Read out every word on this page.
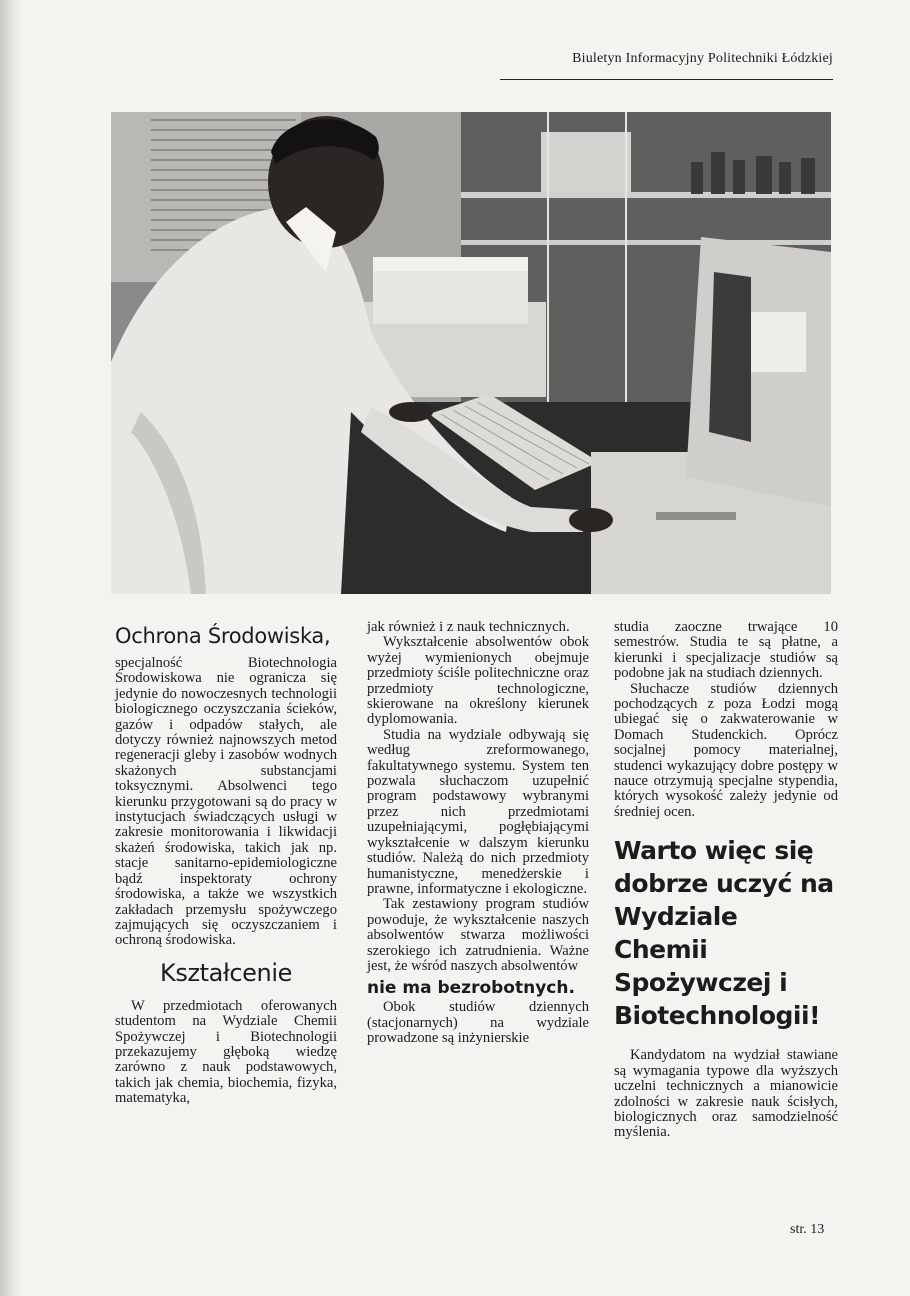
Biuletyn Informacyjny Politechniki Łódzkiej
Ochrona Środowiska,

specjalność Biotechnologia Środowiskowa nie ogranicza się jedynie do nowoczesnych technologii biologicznego oczyszczania ścieków, gazów i odpadów stałych, ale dotyczy również najnowszych metod regeneracji gleby i zasobów wodnych skażonych substancjami toksycznymi. Absolwenci tego kierunku przygotowani są do pracy w instytucjach świadczących usługi w zakresie monitorowania i likwidacji skażeń środowiska, takich jak np. stacje sanitarno-epidemiologiczne bądź inspektoraty ochrony środowiska, a także we wszystkich zakładach przemysłu spożywczego zajmujących się oczyszczaniem i ochroną środowiska.

Kształcenie

W przedmiotach oferowanych studentom na Wydziale Chemii Spożywczej i Biotechnologii przekazujemy głęboką wiedzę zarówno z nauk podstawowych, takich jak chemia, biochemia, fizyka, matematyka,

jak również i z nauk technicznych.

Wykształcenie absolwentów obok wyżej wymienionych obejmuje przedmioty ściśle politechniczne oraz przedmioty technologiczne, skierowane na określony kierunek dyplomowania.

Studia na wydziale odbywają się według zreformowanego, fakultatywnego systemu. System ten pozwala słuchaczom uzupełnić program podstawowy wybranymi przez nich przedmiotami uzupełniającymi, pogłębiającymi wykształcenie w dalszym kierunku studiów. Należą do nich przedmioty humanistyczne, menedżerskie i prawne, informatyczne i ekologiczne.

Tak zestawiony program studiów powoduje, że wykształcenie naszych absolwentów stwarza możliwości szerokiego ich zatrudnienia. Ważne jest, że wśród naszych absolwentów

nie ma bezrobotnych.

Obok studiów dziennych (stacjonarnych) na wydziale prowadzone są inżynierskie

studia zaoczne trwające 10 semestrów. Studia te są płatne, a kierunki i specjalizacje studiów są podobne jak na studiach dziennych.

Słuchacze studiów dziennych pochodzących z poza Łodzi mogą ubiegać się o zakwaterowanie w Domach Studenckich. Oprócz socjalnej pomocy materialnej, studenci wykazujący dobre postępy w nauce otrzymują specjalne stypendia, których wysokość zależy jedynie od średniej ocen.

Warto więc się dobrze uczyć na Wydziale Chemii Spożywczej i Biotechnologii!

Kandydatom na wydział stawiane są wymagania typowe dla wyższych uczelni technicznych a mianowicie zdolności w zakresie nauk ścisłych, biologicznych oraz samodzielność myślenia.

str. 13
